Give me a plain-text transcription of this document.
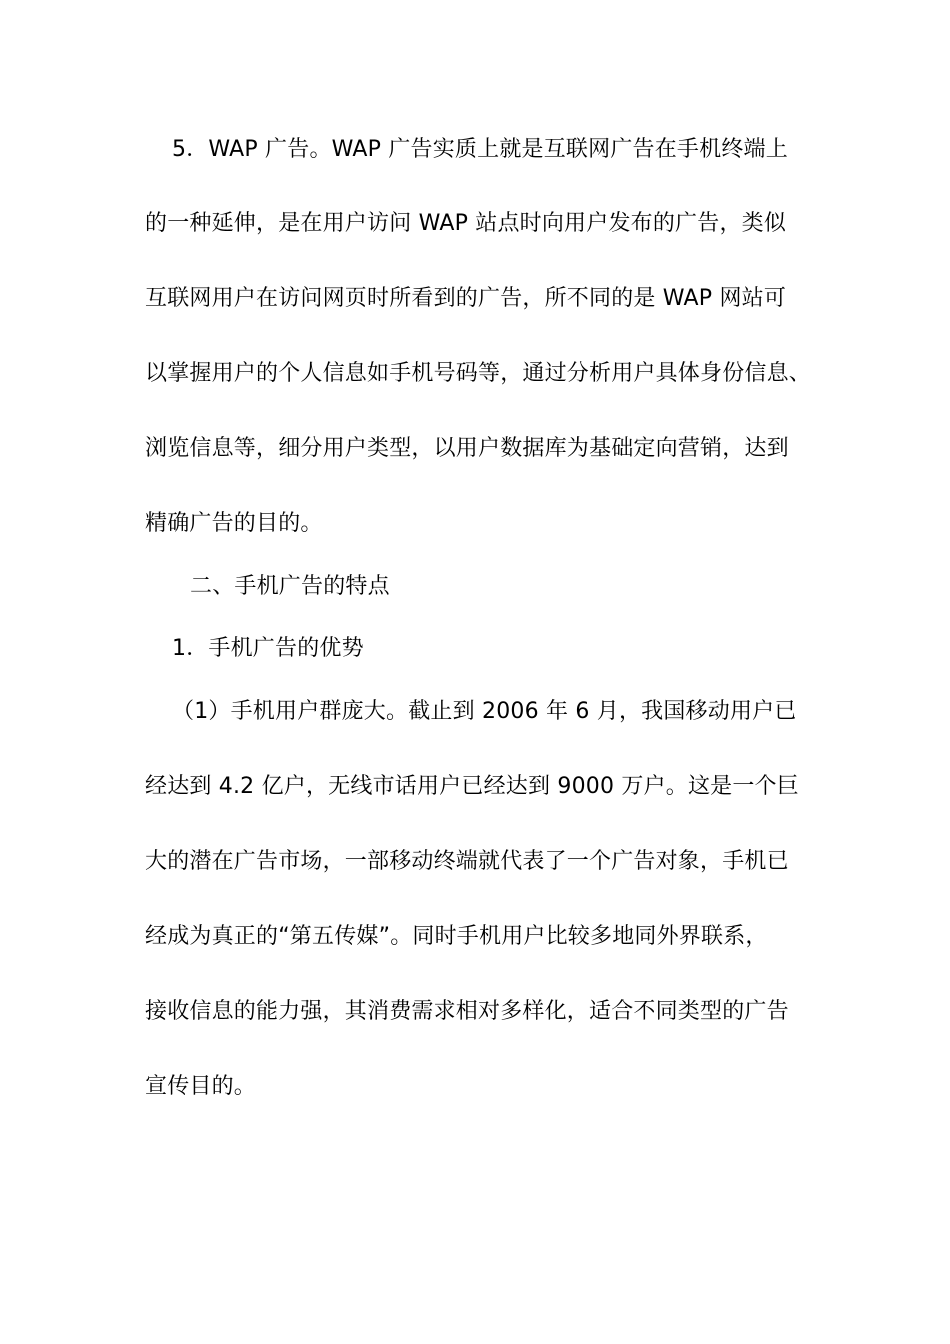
5．WAP 广告。WAP 广告实质上就是互联网广告在手机终端上
的一种延伸，是在用户访问 WAP 站点时向用户发布的广告，类似
互联网用户在访问网页时所看到的广告，所不同的是 WAP 网站可
以掌握用户的个人信息如手机号码等，通过分析用户具体身份信息、
浏览信息等，细分用户类型，以用户数据库为基础定向营销，达到
精确广告的目的。
二、手机广告的特点
1．手机广告的优势
（1）手机用户群庞大。截止到 2006 年 6 月，我国移动用户已
经达到 4.2 亿户，无线市话用户已经达到 9000 万户。这是一个巨
大的潜在广告市场，一部移动终端就代表了一个广告对象，手机已
经成为真正的“第五传媒”。同时手机用户比较多地同外界联系，
接收信息的能力强，其消费需求相对多样化，适合不同类型的广告
宣传目的。
